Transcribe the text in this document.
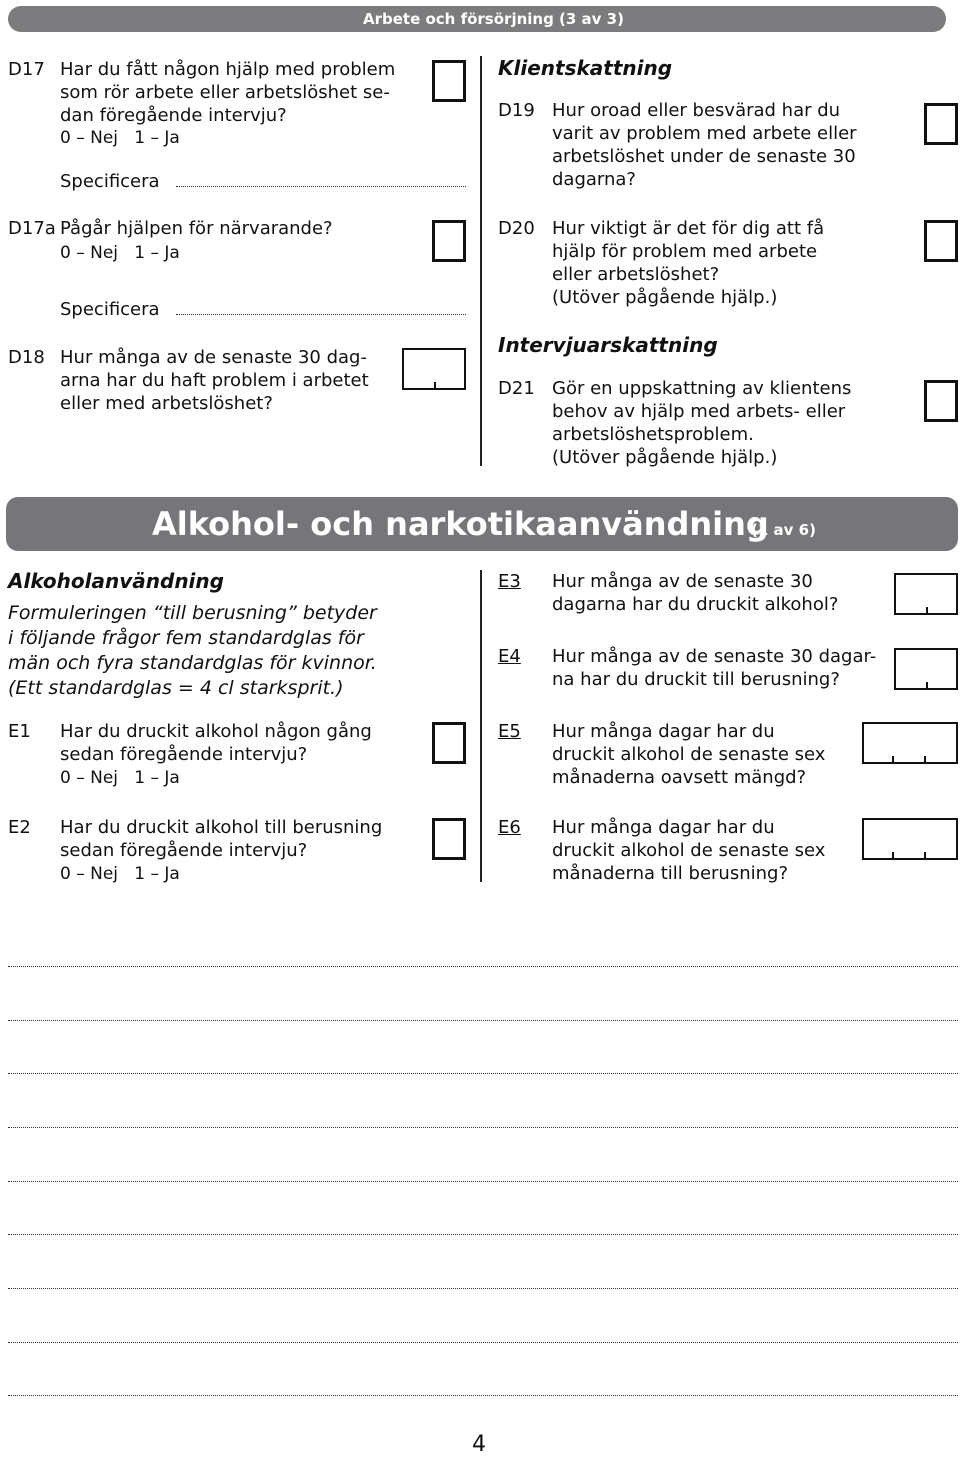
Arbete och försörjning (3 av 3)
D17 Har du fått någon hjälp med problem
som rör arbete eller arbetslöshet se-
dan föregående intervju?
0 – Nej   1 – Ja
Specificera
D17a Pågår hjälpen för närvarande?
0 – Nej   1 – Ja
Specificera
D18 Hur många av de senaste 30 dag-
arna har du haft problem i arbetet
eller med arbetslöshet?
Klientskattning
D19 Hur oroad eller besvärad har du
varit av problem med arbete eller
arbetslöshet under de senaste 30
dagarna?
D20 Hur viktigt är det för dig att få
hjälp för problem med arbete
eller arbetslöshet?
(Utöver pågående hjälp.)
Intervjuarskattning
D21 Gör en uppskattning av klientens
behov av hjälp med arbets- eller
arbetslöshetsproblem.
(Utöver pågående hjälp.)
Alkohol- och narkotikaanvändning
(1 av 6)
Alkoholanvändning
Formuleringen “till berusning” betyder
i följande frågor fem standardglas för
män och fyra standardglas för kvinnor.
(Ett standardglas = 4 cl starksprit.)
E1 Har du druckit alkohol någon gång
sedan föregående intervju?
0 – Nej   1 – Ja
E2 Har du druckit alkohol till berusning
sedan föregående intervju?
0 – Nej   1 – Ja
E3 Hur många av de senaste 30
dagarna har du druckit alkohol?
E4 Hur många av de senaste 30 dagar-
na har du druckit till berusning?
E5 Hur många dagar har du
druckit alkohol de senaste sex
månaderna oavsett mängd?
E6 Hur många dagar har du
druckit alkohol de senaste sex
månaderna till berusning?
4
